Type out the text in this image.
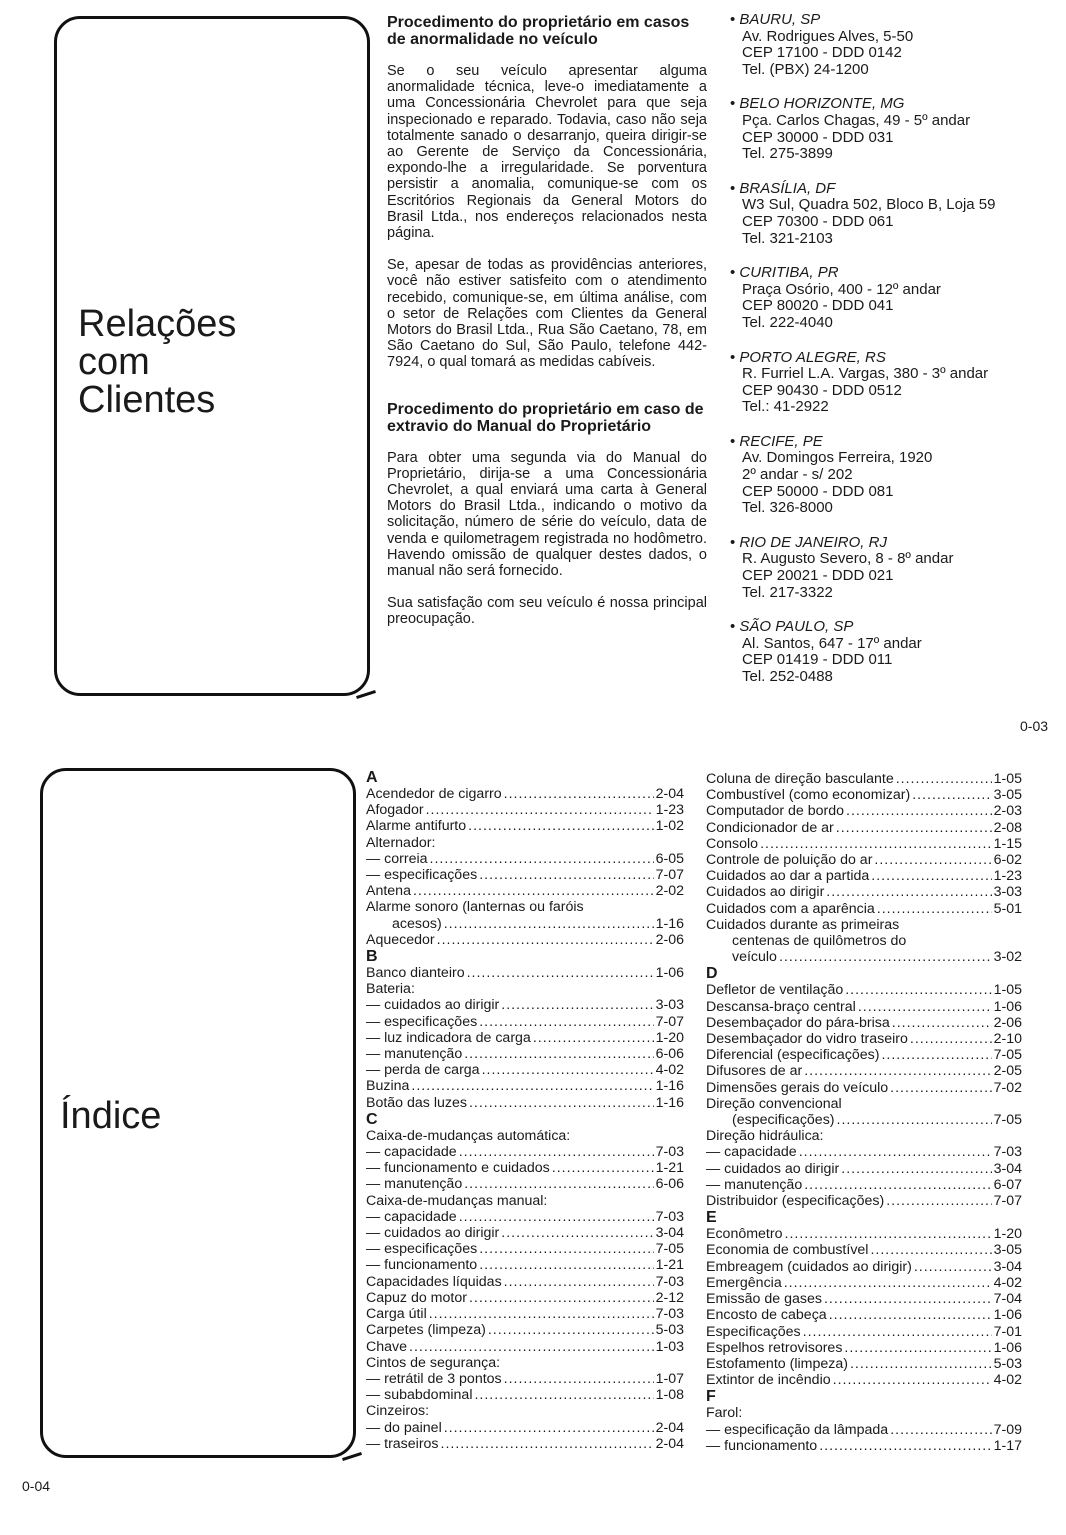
Relações
com
Clientes
Procedimento do proprietário em casos de anormalidade no veículo

Se o seu veículo apresentar alguma anormalidade técnica, leve-o imediatamente a uma Concessionária Chevrolet para que seja inspecionado e reparado. Todavia, caso não seja totalmente sanado o desarranjo, queira dirigir-se ao Gerente de Serviço da Concessionária, expondo-lhe a irregularidade. Se porventura persistir a anomalia, comunique-se com os Escritórios Regionais da General Motors do Brasil Ltda., nos endereços relacionados nesta página.

Se, apesar de todas as providências anteriores, você não estiver satisfeito com o atendimento recebido, comunique-se, em última análise, com o setor de Relações com Clientes da General Motors do Brasil Ltda., Rua São Caetano, 78, em São Caetano do Sul, São Paulo, telefone 442-7924, o qual tomará as medidas cabíveis.

Procedimento do proprietário em caso de extravio do Manual do Proprietário

Para obter uma segunda via do Manual do Proprietário, dirija-se a uma Concessionária Chevrolet, a qual enviará uma carta à General Motors do Brasil Ltda., indicando o motivo da solicitação, número de série do veículo, data de venda e quilometragem registrada no hodômetro. Havendo omissão de qualquer destes dados, o manual não será fornecido.

Sua satisfação com seu veículo é nossa principal preocupação.

• BAURU, SP
Av. Rodrigues Alves, 5-50
CEP 17100 - DDD 0142
Tel. (PBX) 24-1200
• BELO HORIZONTE, MG
Pça. Carlos Chagas, 49 - 5º andar
CEP 30000 - DDD 031
Tel. 275-3899
• BRASÍLIA, DF
W3 Sul, Quadra 502, Bloco B, Loja 59
CEP 70300 - DDD 061
Tel. 321-2103
• CURITIBA, PR
Praça Osório, 400 - 12º andar
CEP 80020 - DDD 041
Tel. 222-4040
• PORTO ALEGRE, RS
R. Furriel L.A. Vargas, 380 - 3º andar
CEP 90430 - DDD 0512
Tel.: 41-2922
• RECIFE, PE
Av. Domingos Ferreira, 1920
2º andar - s/ 202
CEP 50000 - DDD 081
Tel. 326-8000
• RIO DE JANEIRO, RJ
R. Augusto Severo, 8 - 8º andar
CEP 20021 - DDD 021
Tel. 217-3322
• SÃO PAULO, SP
Al. Santos, 647 - 17º andar
CEP 01419 - DDD 011
Tel. 252-0488
0-03
Índice
A
Acendedor de cigarro .....	2-04
Afogador .....	1-23
Alarme antifurto .....	1-02
Alternador:
— correia .....	6-05
— especificações .....	7-07
Antena .....	2-02
Alarme sonoro (lanternas ou faróis
acesos) .....	1-16
Aquecedor .....	2-06
B
Banco dianteiro .....	1-06
Bateria:
— cuidados ao dirigir .....	3-03
— especificações .....	7-07
— luz indicadora de carga .....	1-20
— manutenção .....	6-06
— perda de carga .....	4-02
Buzina .....	1-16
Botão das luzes .....	1-16
C
Caixa-de-mudanças automática:
— capacidade .....	7-03
— funcionamento e cuidados .....	1-21
— manutenção .....	6-06
Caixa-de-mudanças manual:
— capacidade .....	7-03
— cuidados ao dirigir .....	3-04
— especificações .....	7-05
— funcionamento .....	1-21
Capacidades líquidas .....	7-03
Capuz do motor .....	2-12
Carga útil .....	7-03
Carpetes (limpeza) .....	5-03
Chave .....	1-03
Cintos de segurança:
— retrátil de 3 pontos .....	1-07
— subabdominal .....	1-08
Cinzeiros:
— do painel .....	2-04
— traseiros .....	2-04
Coluna de direção basculante .....	1-05
Combustível (como economizar) .....	3-05
Computador de bordo .....	2-03
Condicionador de ar .....	2-08
Consolo .....	1-15
Controle de poluição do ar .....	6-02
Cuidados ao dar a partida .....	1-23
Cuidados ao dirigir .....	3-03
Cuidados com a aparência .....	5-01
Cuidados durante as primeiras
centenas de quilômetros do
veículo .....	3-02
D
Defletor de ventilação .....	1-05
Descansa-braço central .....	1-06
Desembaçador do pára-brisa .....	2-06
Desembaçador do vidro traseiro .....	2-10
Diferencial (especificações) .....	7-05
Difusores de ar .....	2-05
Dimensões gerais do veículo .....	7-02
Direção convencional
(especificações) .....	7-05
Direção hidráulica:
— capacidade .....	7-03
— cuidados ao dirigir .....	3-04
— manutenção .....	6-07
Distribuidor (especificações) .....	7-07
E
Econômetro .....	1-20
Economia de combustível .....	3-05
Embreagem (cuidados ao dirigir) .....	3-04
Emergência .....	4-02
Emissão de gases .....	7-04
Encosto de cabeça .....	1-06
Especificações .....	7-01
Espelhos retrovisores .....	1-06
Estofamento (limpeza) .....	5-03
Extintor de incêndio .....	4-02
F
Farol:
— especificação da lâmpada .....	7-09
— funcionamento .....	1-17
0-04
